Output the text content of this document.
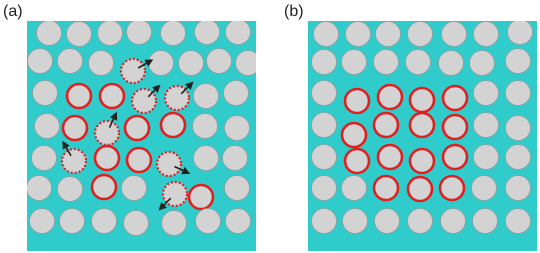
(a)	(b)
